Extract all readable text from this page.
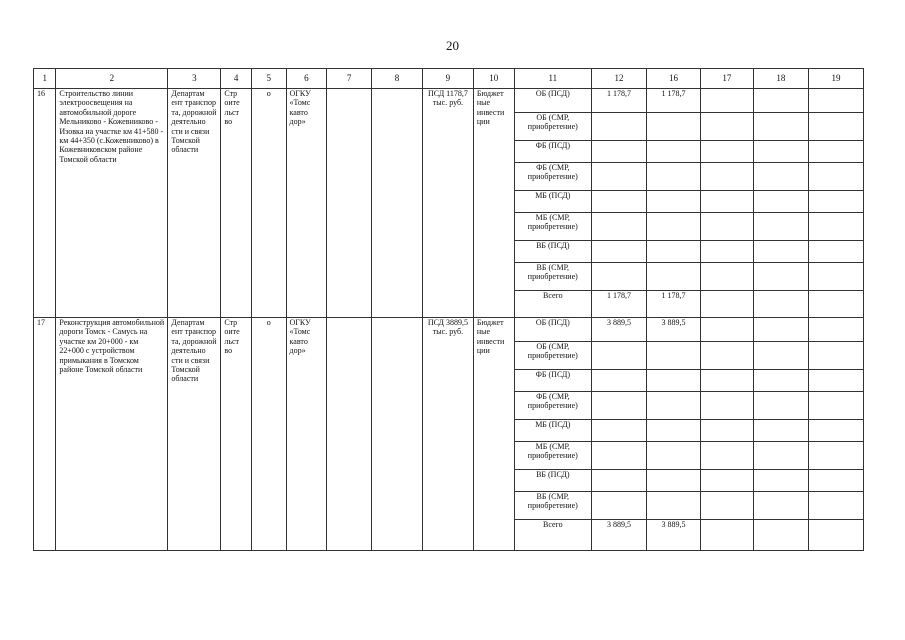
20
1	2	3	4	5	6	7	8	9	10	11	12	16	17	18	19
16	Строительство линии электроосвещения на автомобильной дороге Мельниково - Кожевниково - Изовка на участке км 41+580 - км 44+350 (с.Кожевниково) в Кожевниковском районе Томской области	Департам ент транспор та, дорожной деятельно сти и связи Томской области	Стр оите льст во	о	ОГКУ «Томс кавто дор»			ПСД 1178,7 тыс. руб.	Бюджет ные инвести ции	ОБ (ПСД)	1 178,7	1 178,7			
										ОБ (СМР, приобретение)					
										ФБ (ПСД)					
										ФБ (СМР, приобретение)					
										МБ (ПСД)					
										МБ (СМР, приобретение)					
										ВБ (ПСД)					
										ВБ (СМР, приобретение)					
										Всего	1 178,7	1 178,7			
17	Реконструкция автомобильной дороги Томск - Самусь на участке км 20+000 - км 22+000 с устройством примыкания в Томском районе Томской области	Департам ент транспор та, дорожной деятельно сти и связи Томской области	Стр оите льст во	о	ОГКУ «Томс кавто дор»			ПСД 3889,5 тыс. руб.	Бюджет ные инвести ции	ОБ (ПСД)	3 889,5	3 889,5			
										ОБ (СМР, приобретение)					
										ФБ (ПСД)					
										ФБ (СМР, приобретение)					
										МБ (ПСД)					
										МБ (СМР, приобретение)					
										ВБ (ПСД)					
										ВБ (СМР, приобретение)					
										Всего	3 889,5	3 889,5			
